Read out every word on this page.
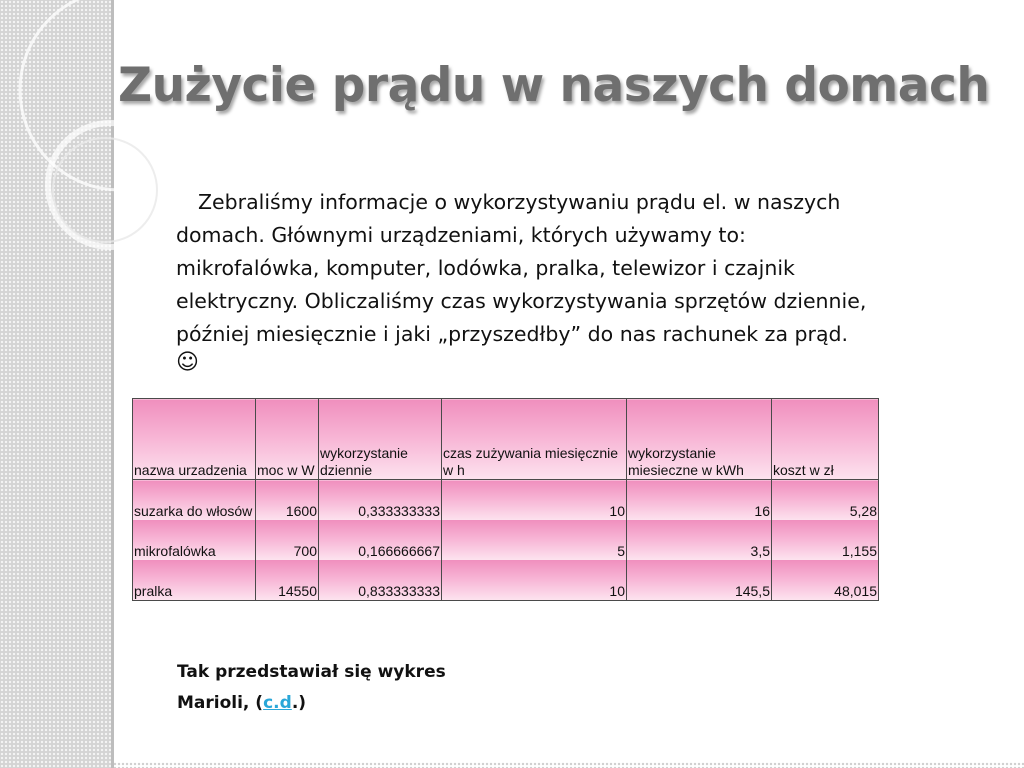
Zużycie prądu w naszych domach

Zebraliśmy informacje o wykorzystywaniu prądu el. w naszych
domach. Głównymi urządzeniami, których używamy to:
mikrofalówka, komputer, lodówka, pralka, telewizor i czajnik
elektryczny. Obliczaliśmy czas wykorzystywania sprzętów dziennie,
później miesięcznie i jaki „przyszedłby” do nas rachunek za prąd.
☺

nazwa urzadzenia	moc w W	wykorzystanie dziennie	czas zużywania miesięcznie w h	wykorzystanie miesieczne w kWh	koszt w zł
suzarka do włosów	1600	0,333333333	10	16	5,28
mikrofalówka	700	0,166666667	5	3,5	1,155
pralka	14550	0,833333333	10	145,5	48,015

Tak przedstawiał się wykres
Marioli, (c.d.)
